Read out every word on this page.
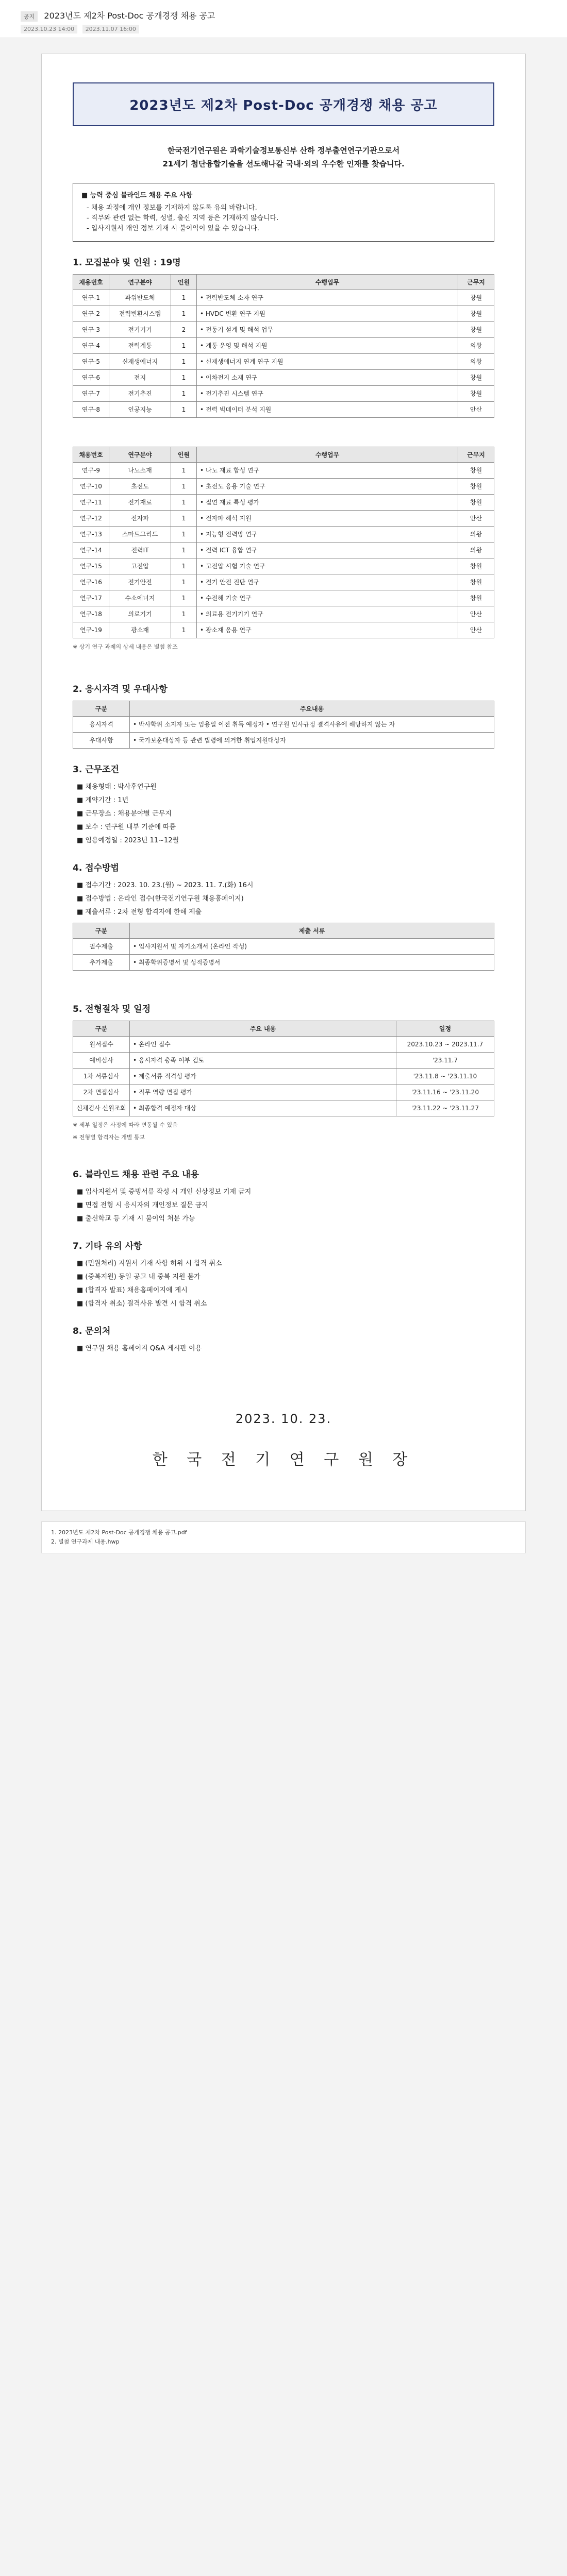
공지 2023년도 제2차 Post-Doc 공개경쟁 채용 공고
2023.10.23 14:00 2023.11.07 16:00
2023년도 제2차 Post-Doc 공개경쟁 채용 공고
한국전기연구원은 과학기술정보통신부 산하 정부출연연구기관으로서
21세기 첨단융합기술을 선도해나갈 국내·외의 우수한 인재를 찾습니다.
■ 능력 중심 블라인드 채용 주요 사항

- 채용 과정에 개인 정보를 기재하지 않도록 유의 바랍니다.

- 직무와 관련 없는 학력, 성별, 출신 지역 등은 기재하지 않습니다.

- 입사지원서 개인 정보 기재 시 불이익이 있을 수 있습니다.

1. 모집분야 및 인원 : 19명
채용번호	연구분야	인원	수행업무	근무지
연구-1	파워반도체	1	• 전력반도체 소자 연구	창원
연구-2	전력변환시스템	1	• HVDC 변환 연구 지원	창원
연구-3	전기기기	2	• 전동기 설계 및 해석 업무	창원
연구-4	전력계통	1	• 계통 운영 및 해석 지원	의왕
연구-5	신재생에너지	1	• 신재생에너지 연계 연구 지원	의왕
연구-6	전지	1	• 이차전지 소재 연구	창원
연구-7	전기추진	1	• 전기추진 시스템 연구	창원
연구-8	인공지능	1	• 전력 빅데이터 분석 지원	안산
채용번호	연구분야	인원	수행업무	근무지
연구-9	나노소재	1	• 나노 재료 합성 연구	창원
연구-10	초전도	1	• 초전도 응용 기술 연구	창원
연구-11	전기재료	1	• 절연 재료 특성 평가	창원
연구-12	전자파	1	• 전자파 해석 지원	안산
연구-13	스마트그리드	1	• 지능형 전력망 연구	의왕
연구-14	전력IT	1	• 전력 ICT 융합 연구	의왕
연구-15	고전압	1	• 고전압 시험 기술 연구	창원
연구-16	전기안전	1	• 전기 안전 진단 연구	창원
연구-17	수소에너지	1	• 수전해 기술 연구	창원
연구-18	의료기기	1	• 의료용 전기기기 연구	안산
연구-19	광소재	1	• 광소재 응용 연구	안산
※ 상기 연구 과제의 상세 내용은 별첨 참조
2. 응시자격 및 우대사항
구분	주요내용
응시자격	• 박사학위 소지자 또는 임용일 이전 취득 예정자 • 연구원 인사규정 결격사유에 해당하지 않는 자
우대사항	• 국가보훈대상자 등 관련 법령에 의거한 취업지원대상자
3. 근무조건
■ 채용형태 : 박사후연구원
■ 계약기간 : 1년
■ 근무장소 : 채용분야별 근무지
■ 보수 : 연구원 내부 기준에 따름
■ 임용예정일 : 2023년 11~12월
4. 접수방법
■ 접수기간 : 2023. 10. 23.(월) ~ 2023. 11. 7.(화) 16시
■ 접수방법 : 온라인 접수(한국전기연구원 채용홈페이지)
■ 제출서류 : 2차 전형 합격자에 한해 제출
구분	제출 서류
필수제출	• 입사지원서 및 자기소개서 (온라인 작성)
추가제출	• 최종학위증명서 및 성적증명서
5. 전형절차 및 일정
구분	주요 내용	일정
원서접수	• 온라인 접수	2023.10.23 ~ 2023.11.7
예비심사	• 응시자격 충족 여부 검토	'23.11.7
1차 서류심사	• 제출서류 적격성 평가	'23.11.8 ~ '23.11.10
2차 면접심사	• 직무 역량 면접 평가	'23.11.16 ~ '23.11.20
신체검사 신원조회	• 최종합격 예정자 대상	'23.11.22 ~ '23.11.27
※ 세부 일정은 사정에 따라 변동될 수 있음
※ 전형별 합격자는 개별 통보
6. 블라인드 채용 관련 주요 내용
■ 입사지원서 및 증빙서류 작성 시 개인 신상정보 기재 금지
■ 면접 전형 시 응시자의 개인정보 질문 금지
■ 출신학교 등 기재 시 불이익 처분 가능
7. 기타 유의 사항
■ (민원처리) 지원서 기재 사항 허위 시 합격 취소
■ (중복지원) 동일 공고 내 중복 지원 불가
■ (합격자 발표) 채용홈페이지에 게시
■ (합격자 취소) 결격사유 발견 시 합격 취소
8. 문의처
■ 연구원 채용 홈페이지 Q&A 게시판 이용
2023. 10. 23.
한 국 전 기 연 구 원 장
1. 2023년도 제2차 Post-Doc 공개경쟁 채용 공고.pdf
2. 별첨 연구과제 내용.hwp
